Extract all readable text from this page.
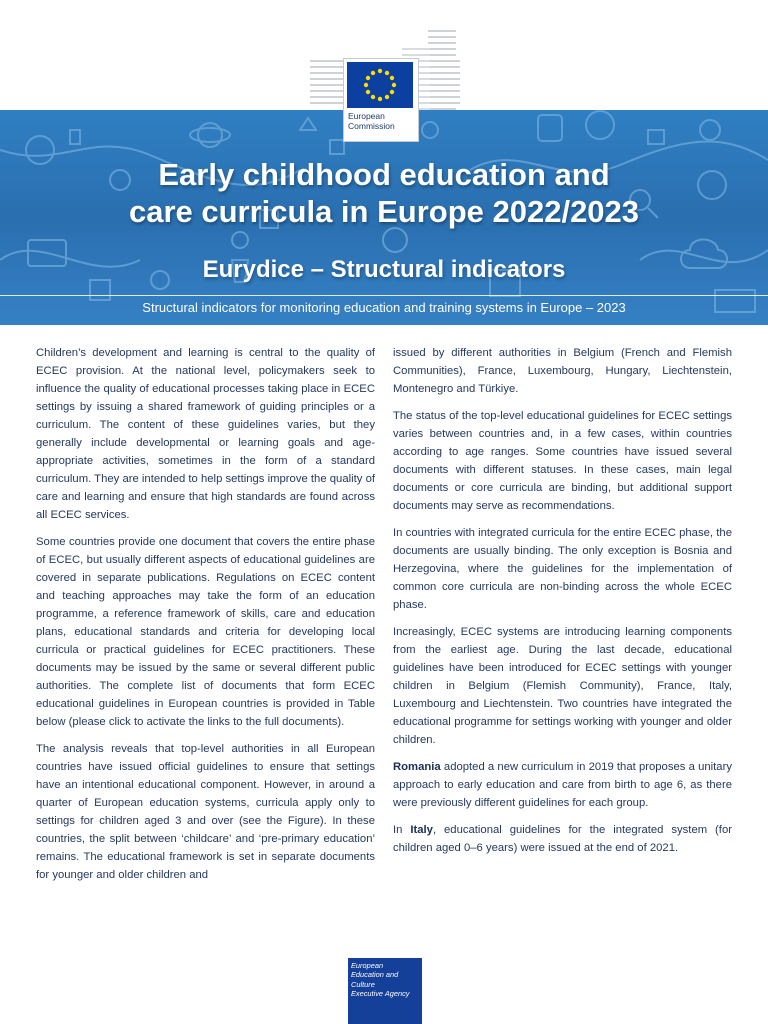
European Commission
Early childhood education and
care curricula in Europe 2022/2023
Eurydice – Structural indicators
Structural indicators for monitoring education and training systems in Europe – 2023

Children’s development and learning is central to the quality of ECEC provision. At the national level, policymakers seek to influence the quality of educational processes taking place in ECEC settings by issuing a shared framework of guiding principles or a curriculum. The content of these guidelines varies, but they generally include developmental or learning goals and age-appropriate activities, sometimes in the form of a standard curriculum. They are intended to help settings improve the quality of care and learning and ensure that high standards are found across all ECEC services.

Some countries provide one document that covers the entire phase of ECEC, but usually different aspects of educational guidelines are covered in separate publications. Regulations on ECEC content and teaching approaches may take the form of an education programme, a reference framework of skills, care and education plans, educational standards and criteria for developing local curricula or practical guidelines for ECEC practitioners. These documents may be issued by the same or several different public authorities. The complete list of documents that form ECEC educational guidelines in European countries is provided in Table below (please click to activate the links to the full documents).

The analysis reveals that top-level authorities in all European countries have issued official guidelines to ensure that settings have an intentional educational component. However, in around a quarter of European education systems, curricula apply only to settings for children aged 3 and over (see the Figure). In these countries, the split between ‘childcare’ and ‘pre-primary education’ remains. The educational framework is set in separate documents for younger and older children and

issued by different authorities in Belgium (French and Flemish Communities), France, Luxembourg, Hungary, Liechtenstein, Montenegro and Türkiye.

The status of the top-level educational guidelines for ECEC settings varies between countries and, in a few cases, within countries according to age ranges. Some countries have issued several documents with different statuses. In these cases, main legal documents or core curricula are binding, but additional support documents may serve as recommendations.

In countries with integrated curricula for the entire ECEC phase, the documents are usually binding. The only exception is Bosnia and Herzegovina, where the guidelines for the implementation of common core curricula are non-binding across the whole ECEC phase.

Increasingly, ECEC systems are introducing learning components from the earliest age. During the last decade, educational guidelines have been introduced for ECEC settings with younger children in Belgium (Flemish Community), France, Italy, Luxembourg and Liechtenstein. Two countries have integrated the educational programme for settings working with younger and older children.

Romania adopted a new curriculum in 2019 that proposes a unitary approach to early education and care from birth to age 6, as there were previously different guidelines for each group.

In Italy, educational guidelines for the integrated system (for children aged 0–6 years) were issued at the end of 2021.

European
Education and
Culture
Executive Agency
